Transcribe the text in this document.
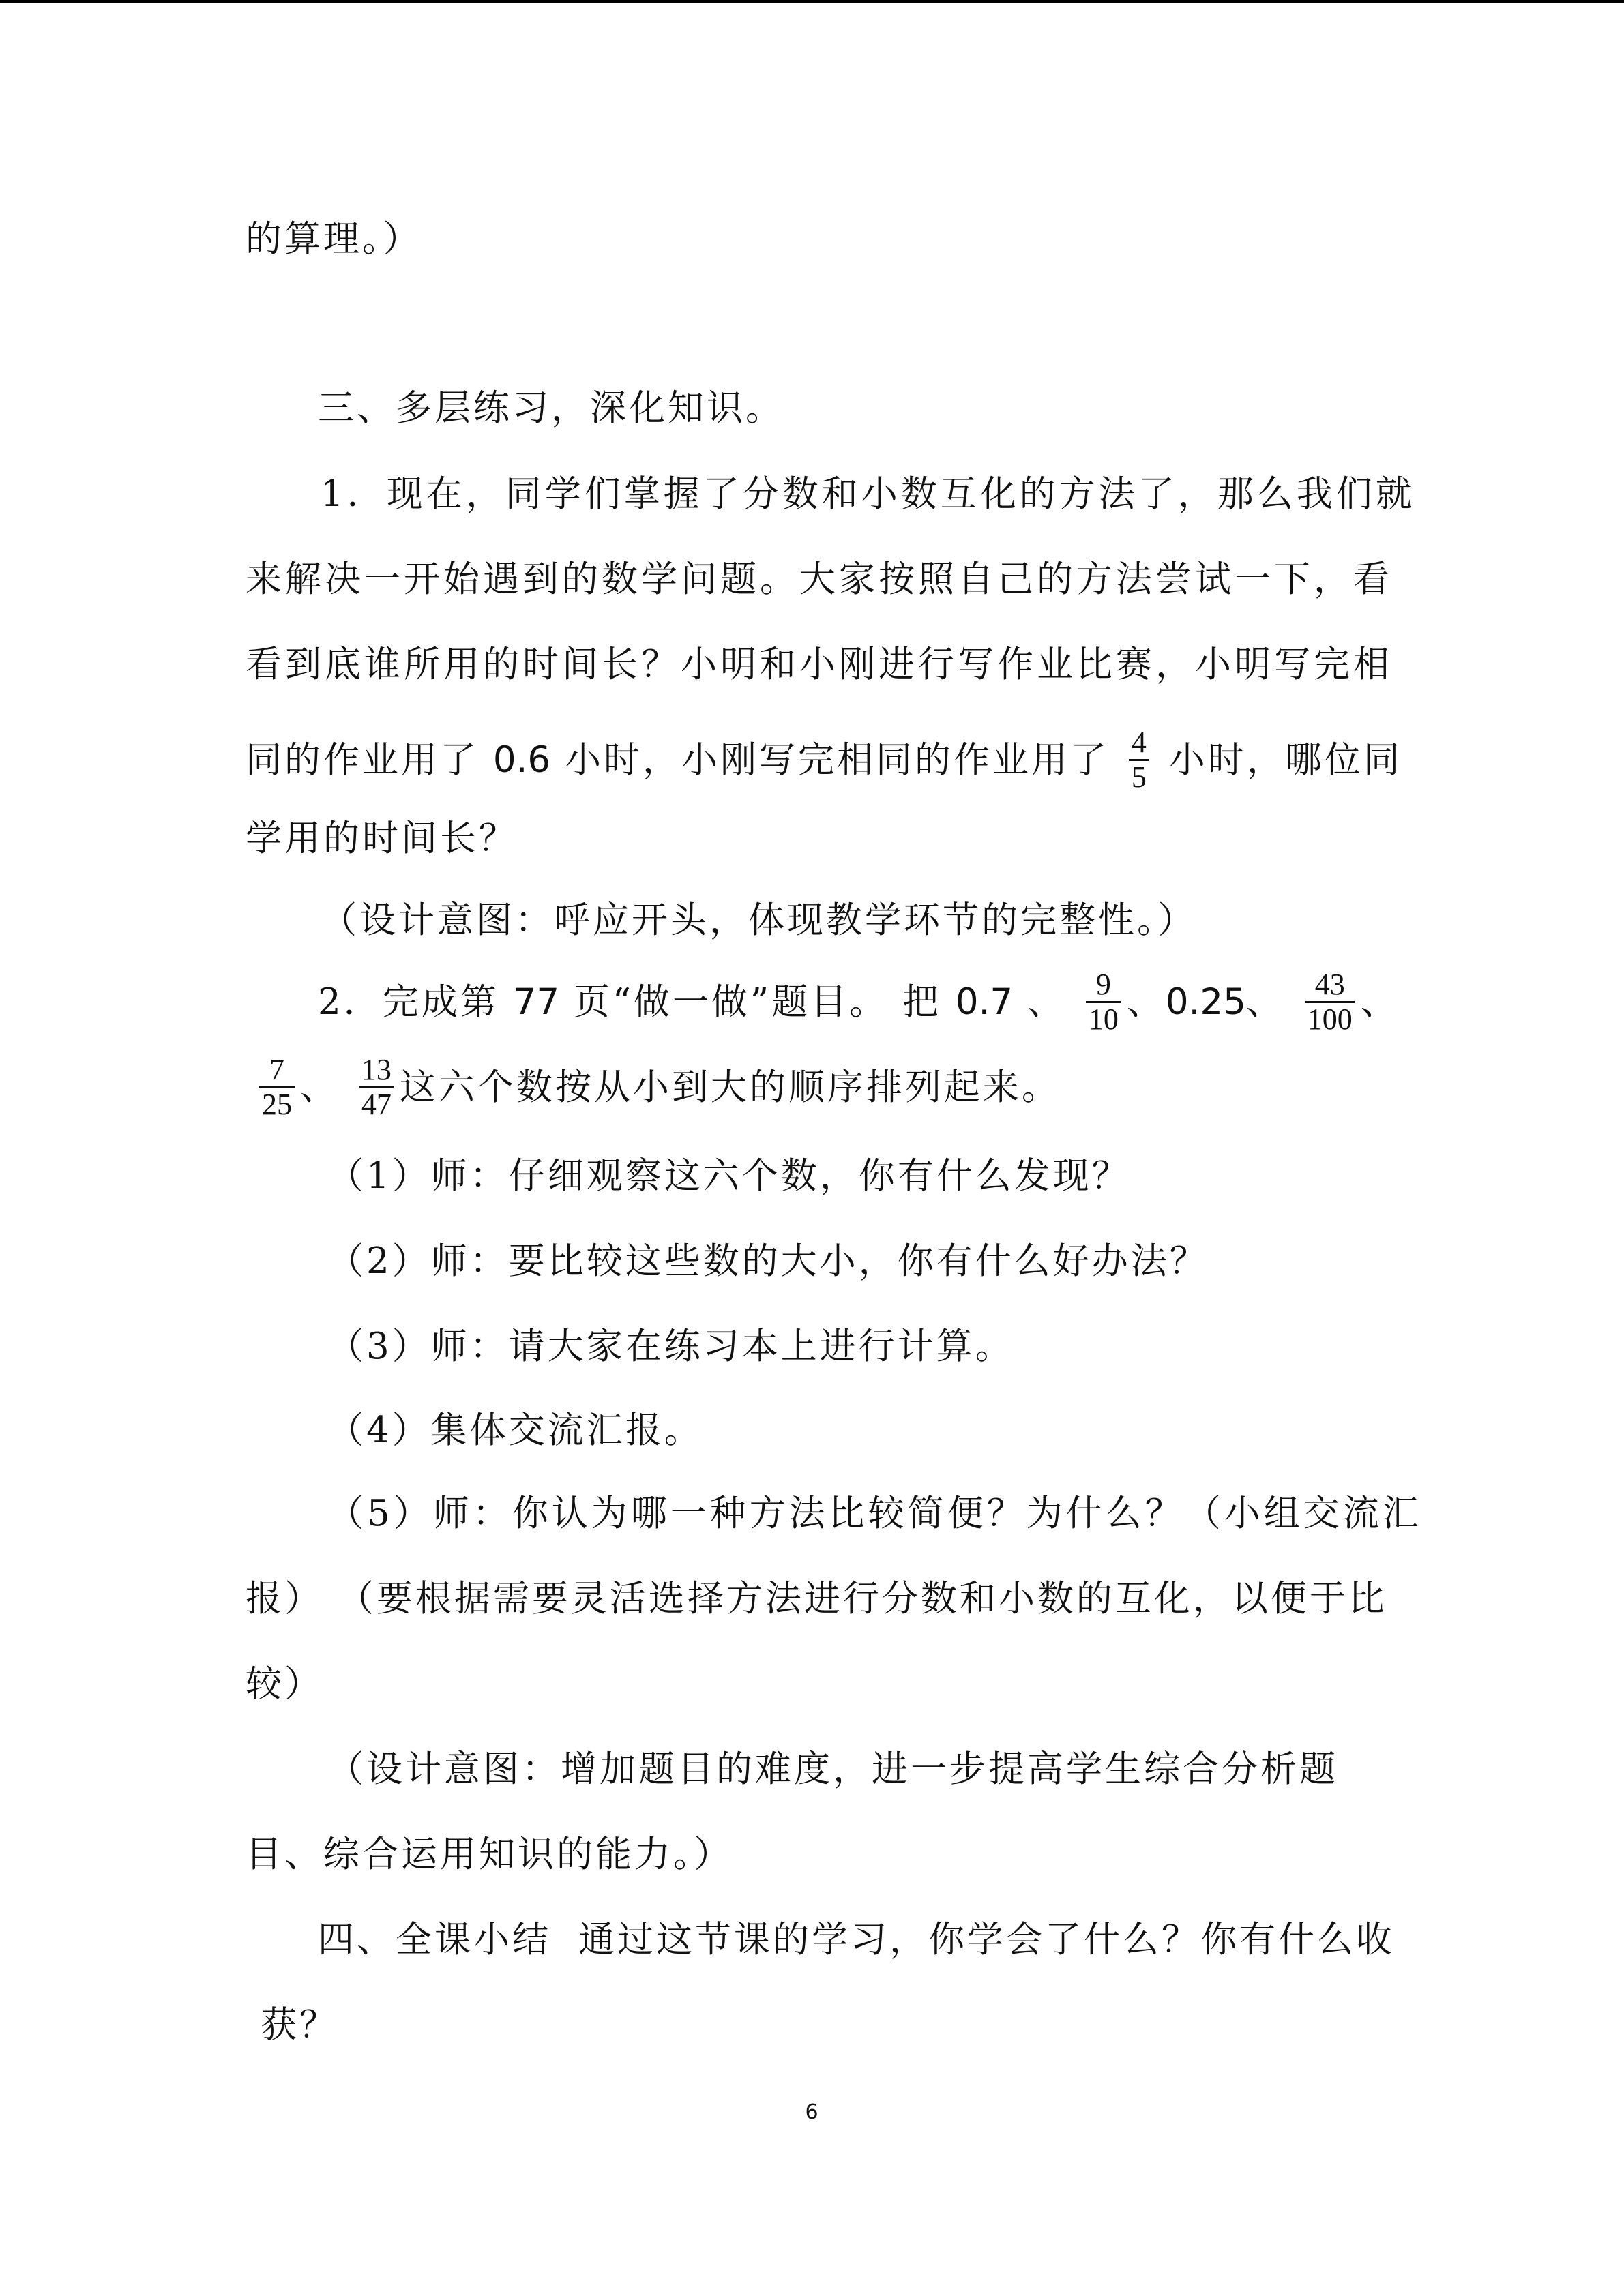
的算理。）

三、多层练习，深化知识。

1．现在，同学们掌握了分数和小数互化的方法了，那么我们就

来解决一开始遇到的数学问题。大家按照自己的方法尝试一下，看

看到底谁所用的时间长？小明和小刚进行写作业比赛，小明写完相

同的作业用了 0.6 小时，小刚写完相同的作业用了 $\frac{4}{5}$ 小时，哪位同

学用的时间长？

（设计意图：呼应开头，体现教学环节的完整性。）

2．完成第 77 页“做一做”题目。 把 0.7 、 $\frac{9}{10}$ 、0.25、 $\frac{43}{100}$ 、

$\frac{7}{25}$ 、 $\frac{13}{47}$ 这六个数按从小到大的顺序排列起来。

（1）师：仔细观察这六个数，你有什么发现？

（2）师：要比较这些数的大小，你有什么好办法？

（3）师：请大家在练习本上进行计算。

（4）集体交流汇报。

（5）师：你认为哪一种方法比较简便？为什么？（小组交流汇

报） （要根据需要灵活选择方法进行分数和小数的互化，以便于比

较）

（设计意图：增加题目的难度，进一步提高学生综合分析题

目、综合运用知识的能力。）

四、全课小结 通过这节课的学习，你学会了什么？你有什么收

获？

6
